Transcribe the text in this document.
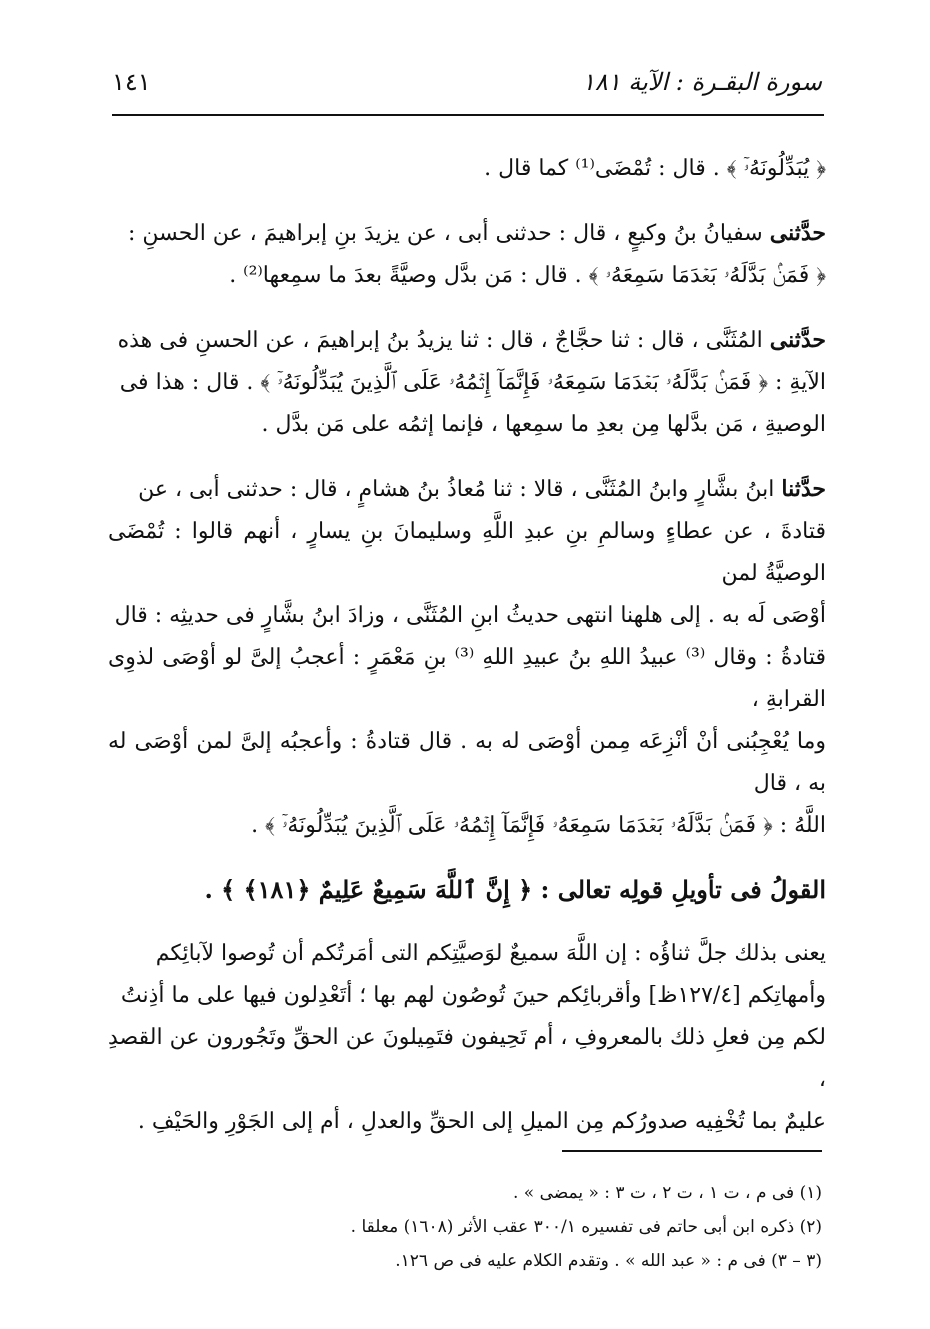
١٤١	سورة البقـرة : الآية ١٨١

﴿ يُبَدِّلُونَهُۥٓ ﴾ . قال : تُمْضَى⁽¹⁾ كما قال .

حدَّثنى سفيانُ بنُ وكيعٍ ، قال : حدثنى أبى ، عن يزيدَ بنِ إبراهيمَ ، عن الحسنِ :

﴿ فَمَنۢ بَدَّلَهُۥ بَعۡدَمَا سَمِعَهُۥ ﴾ . قال : مَن بدَّل وصيَّةً بعدَ ما سمِعها⁽²⁾ .

حدَّثنى المُثَنَّى ، قال : ثنا حجَّاجٌ ، قال : ثنا يزيدُ بنُ إبراهيمَ ، عن الحسنِ فى هذه

الآيةِ : ﴿ فَمَنۢ بَدَّلَهُۥ بَعۡدَمَا سَمِعَهُۥ فَإِنَّمَآ إِثۡمُهُۥ عَلَى ٱلَّذِينَ يُبَدِّلُونَهُۥٓ ﴾ . قال : هذا فى

الوصيةِ ، مَن بدَّلها مِن بعدِ ما سمِعها ، فإنما إثمُه على مَن بدَّل .

حدَّثنا ابنُ بشَّارٍ وابنُ المُثَنَّى ، قالا : ثنا مُعاذُ بنُ هشامٍ ، قال : حدثنى أبى ، عن

قتادةَ ، عن عطاءٍ وسالمِ بنِ عبدِ اللَّهِ وسليمانَ بنِ يسارٍ ، أنهم قالوا : تُمْضَى الوصيَّةُ لمن

أوْصَى لَه به . إلى هلهنا انتهى حديثُ ابنِ المُثَنَّى ، وزادَ ابنُ بشَّارٍ فى حديثِه : قال

قتادةُ : وقال ⁽³⁾ عبيدُ اللهِ بنُ عبيدِ اللهِ ⁽³⁾ بنِ مَعْمَرٍ : أعجبُ إلىَّ لو أوْصَى لذوِى القرابةِ ،

وما يُعْجِبُنى أنْ أنْزِعَه مِمن أوْصَى له به . قال قتادةُ : وأعجبُه إلىَّ لمن أوْصَى له به ، قال

اللَّهُ : ﴿ فَمَنۢ بَدَّلَهُۥ بَعۡدَمَا سَمِعَهُۥ فَإِنَّمَآ إِثۡمُهُۥ عَلَى ٱلَّذِينَ يُبَدِّلُونَهُۥٓ ﴾ .

القولُ فى تأويلِ قولِه تعالى : ﴿ إِنَّ ٱللَّهَ سَمِيعٌ عَلِيمٌ ﴿١٨١﴾ ﴾ .

يعنى بذلك جلَّ ثناؤُه : إن اللَّهَ سميعٌ لوَصيَّتِكم التى أمَرتُكم أن تُوصوا لآبائِكم

وأمهاتِكم [١٢٧/٤ظ] وأقربائِكم حينَ تُوصُون لهم بها ؛ أتَعْدِلون فيها على ما أذِنتُ

لكم مِن فعلِ ذلك بالمعروفِ ، أم تَحِيفون فتَمِيلونَ عن الحقِّ وتَجُورون عن القصدِ ،

عليمٌ بما تُخْفِيه صدورُكم مِن الميلِ إلى الحقِّ والعدلِ ، أم إلى الجَوْرِ والحَيْفِ .

(١) فى م ، ت ١ ، ت ٢ ، ت ٣ : « يمضى » .

(٢) ذكره ابن أبى حاتم فى تفسيره ٣٠٠/١ عقب الأثر (١٦٠٨) معلقا .

(٣ – ٣) فى م : « عبد الله » . وتقدم الكلام عليه فى ص ١٢٦.
